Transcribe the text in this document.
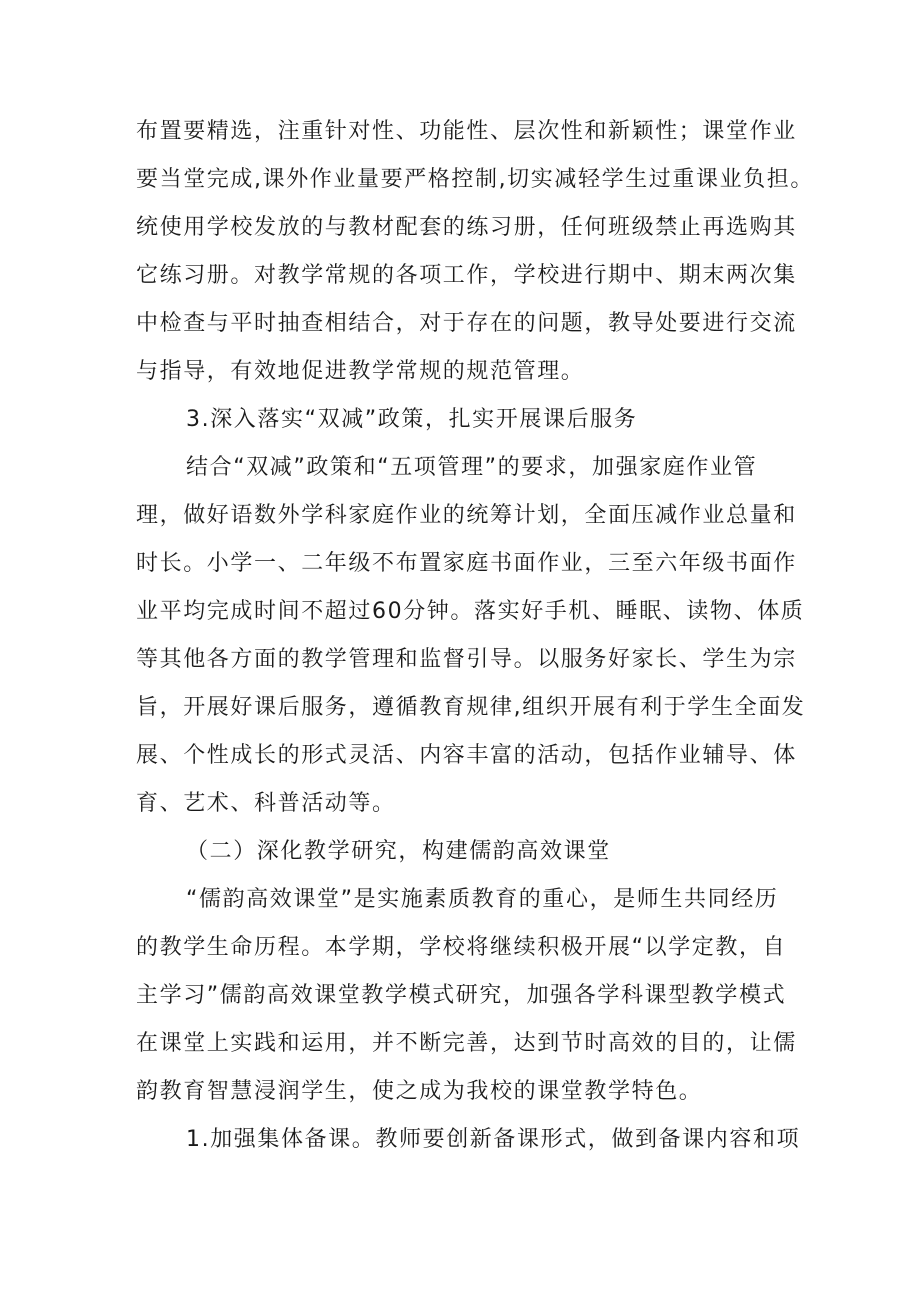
布置要精选，注重针对性、功能性、层次性和新颖性；课堂作业
要当堂完成,课外作业量要严格控制,切实减轻学生过重课业负担。
统使用学校发放的与教材配套的练习册，任何班级禁止再选购其
它练习册。对教学常规的各项工作，学校进行期中、期末两次集
中检查与平时抽查相结合，对于存在的问题，教导处要进行交流
与指导，有效地促进教学常规的规范管理。
3.深入落实“双减”政策，扎实开展课后服务
结合“双减”政策和“五项管理”的要求，加强家庭作业管
理，做好语数外学科家庭作业的统筹计划，全面压减作业总量和
时长。小学一、二年级不布置家庭书面作业，三至六年级书面作
业平均完成时间不超过60分钟。落实好手机、睡眠、读物、体质
等其他各方面的教学管理和监督引导。以服务好家长、学生为宗
旨，开展好课后服务，遵循教育规律,组织开展有利于学生全面发
展、个性成长的形式灵活、内容丰富的活动，包括作业辅导、体
育、艺术、科普活动等。
（二）深化教学研究，构建儒韵高效课堂
“儒韵高效课堂”是实施素质教育的重心，是师生共同经历
的教学生命历程。本学期，学校将继续积极开展“以学定教，自
主学习”儒韵高效课堂教学模式研究，加强各学科课型教学模式
在课堂上实践和运用，并不断完善，达到节时高效的目的，让儒
韵教育智慧浸润学生，使之成为我校的课堂教学特色。
1.加强集体备课。教师要创新备课形式，做到备课内容和项
